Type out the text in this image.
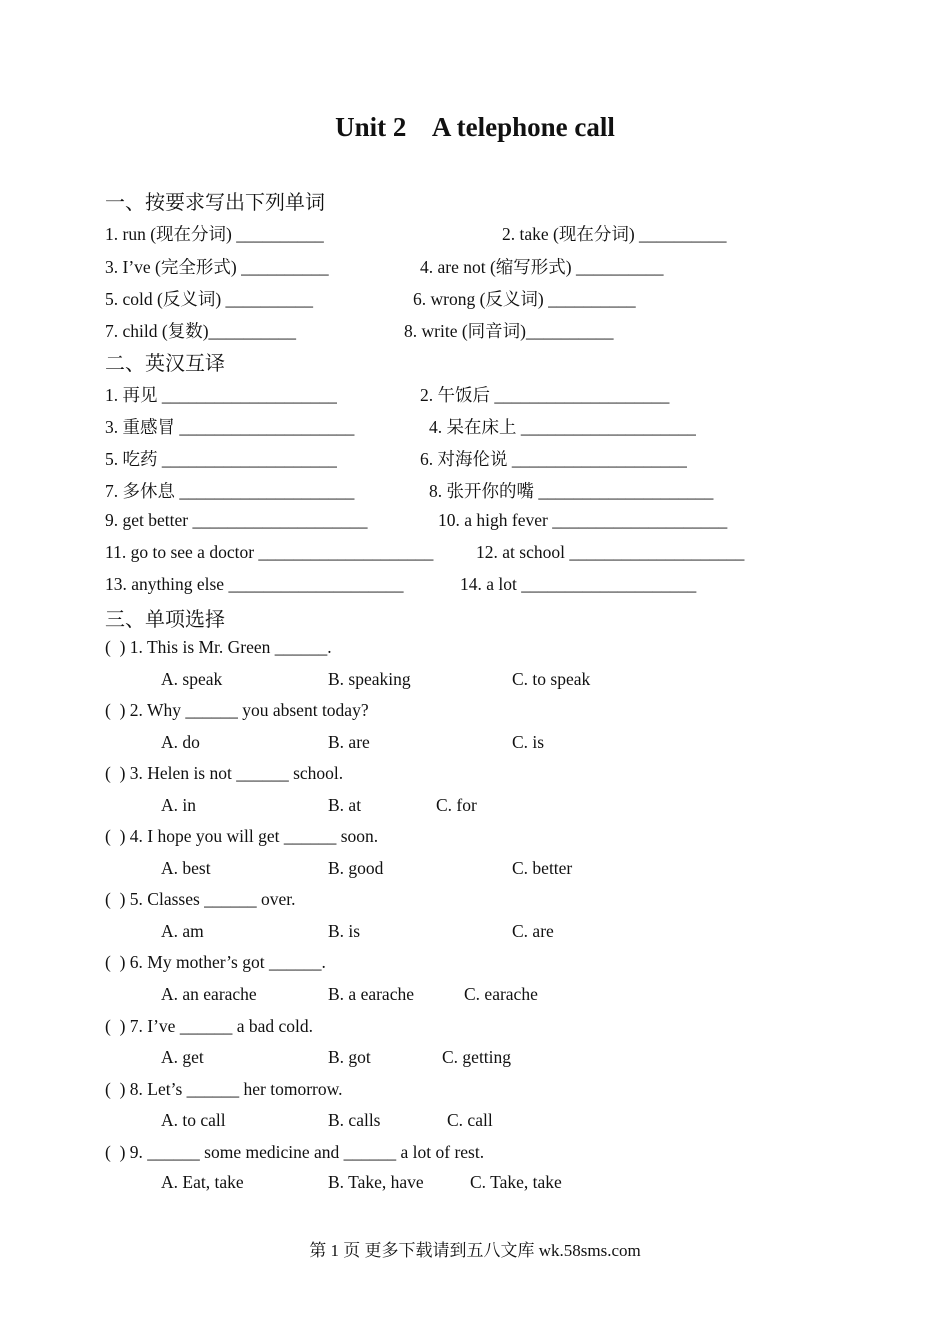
Unit 2    A telephone call
一、按要求写出下列单词
1. run (现在分词) __________	2. take (现在分词) __________
3. I’ve (完全形式) __________	4. are not (缩写形式) __________
5. cold (反义词) __________	6. wrong (反义词) __________
7. child (复数)__________	8. write (同音词)__________
二、英汉互译
1. 再见 ____________________	2. 午饭后 ____________________
3. 重感冒 ____________________	4. 呆在床上 ____________________
5. 吃药 ____________________	6. 对海伦说 ____________________
7. 多休息 ____________________	8. 张开你的嘴 ____________________
9. get better ____________________	10. a high fever ____________________
11. go to see a doctor ____________________ 12. at school ____________________
13. anything else ____________________	14. a lot ____________________
三、单项选择
(  ) 1. This is Mr. Green ______.
A. speak	B. speaking	C. to speak
(  ) 2. Why ______ you absent today?
A. do	B. are	C. is
(  ) 3. Helen is not ______ school.
A. in	B. at	C. for
(  ) 4. I hope you will get ______ soon.
A. best	B. good	C. better
(  ) 5. Classes ______ over.
A. am	B. is	C. are
(  ) 6. My mother’s got ______.
A. an earache	B. a earache	C. earache
(  ) 7. I’ve ______ a bad cold.
A. get	B. got	C. getting
(  ) 8. Let’s ______ her tomorrow.
A. to call	B. calls	C. call
(  ) 9. ______ some medicine and ______ a lot of rest.
A. Eat, take	B. Take, have	C. Take, take
第 1 页 更多下载请到五八文库 wk.58sms.com
